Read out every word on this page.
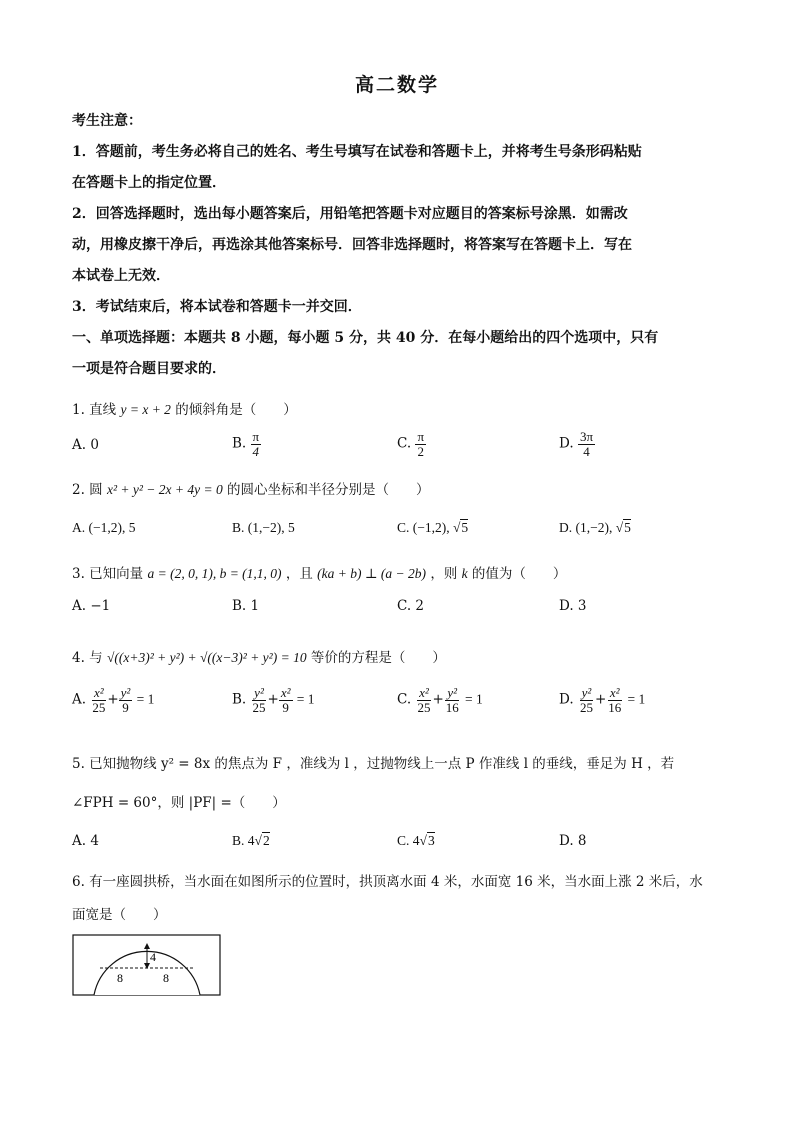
高二数学
考生注意：
1．答题前，考生务必将自己的姓名、考生号填写在试卷和答题卡上，并将考生号条形码粘贴
在答题卡上的指定位置．
2．回答选择题时，选出每小题答案后，用铅笔把答题卡对应题目的答案标号涂黑．如需改
动，用橡皮擦干净后，再选涂其他答案标号．回答非选择题时，将答案写在答题卡上．写在
本试卷上无效．
3．考试结束后，将本试卷和答题卡一并交回．
一、单项选择题：本题共 8 小题，每小题 5 分，共 40 分．在每小题给出的四个选项中，只有
一项是符合题目要求的．
1. 直线 y = x + 2 的倾斜角是（　　）
A. 0	B. $\frac{\pi}{4}$	C. $\frac{\pi}{2}$	D. $\frac{3\pi}{4}$
2. 圆 x² + y² − 2x + 4y = 0 的圆心坐标和半径分别是（　　）
A. (−1,2), 5	B. (1,−2), 5	C. (−1,2), √5	D. (1,−2), √5
3. 已知向量 a = (2, 0, 1), b = (1,1, 0) ，且 (ka + b) ⊥ (a − 2b) ，则 k 的值为（　　）
A. −1	B. 1	C. 2	D. 3
4. 与 √((x+3)² + y²) + √((x−3)² + y²) = 10 等价的方程是（　　）
A. $\frac{\text{x²}}{25} + \frac{\text{y²}}{9} = 1$	B. $\frac{\text{y²}}{25} + \frac{\text{x²}}{9} = 1$	C. $\frac{\text{x²}}{25} + \frac{\text{y²}}{16} = 1$	D. $\frac{\text{y²}}{25} + \frac{\text{x²}}{16} = 1$
5. 已知抛物线 y² = 8x 的焦点为 F ，准线为 l ，过抛物线上一点 P 作准线 l 的垂线，垂足为 H ，若
∠FPH = 60°，则 |PF| =（　　）
A. 4	B. 4√2	C. 4√3	D. 8
6. 有一座圆拱桥，当水面在如图所示的位置时，拱顶离水面 4 米，水面宽 16 米，当水面上涨 2 米后，水
面宽是（　　）
4
8	8
